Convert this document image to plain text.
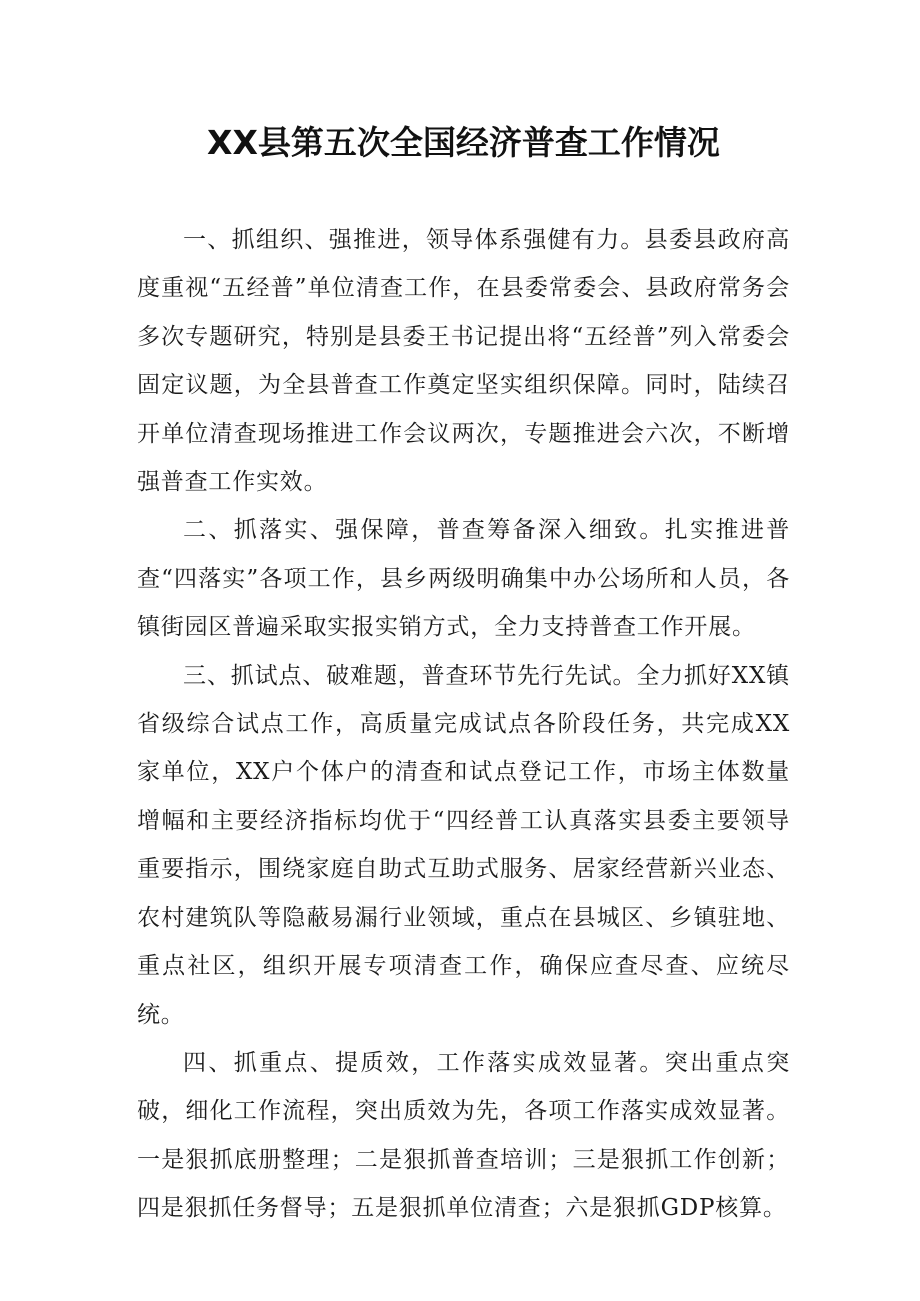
XX县第五次全国经济普查工作情况

一、抓组织、强推进，领导体系强健有力。县委县政府高度重视“五经普”单位清查工作，在县委常委会、县政府常务会多次专题研究，特别是县委王书记提出将“五经普”列入常委会固定议题，为全县普查工作奠定坚实组织保障。同时，陆续召开单位清查现场推进工作会议两次，专题推进会六次，不断增强普查工作实效。

二、抓落实、强保障，普查筹备深入细致。扎实推进普查“四落实”各项工作，县乡两级明确集中办公场所和人员，各镇街园区普遍采取实报实销方式，全力支持普查工作开展。

三、抓试点、破难题，普查环节先行先试。全力抓好XX镇省级综合试点工作，高质量完成试点各阶段任务，共完成XX家单位，XX户个体户的清查和试点登记工作，市场主体数量增幅和主要经济指标均优于“四经普工认真落实县委主要领导重要指示，围绕家庭自助式互助式服务、居家经营新兴业态、农村建筑队等隐蔽易漏行业领域，重点在县城区、乡镇驻地、重点社区，组织开展专项清查工作，确保应查尽查、应统尽统。

四、抓重点、提质效，工作落实成效显著。突出重点突破，细化工作流程，突出质效为先，各项工作落实成效显著。一是狠抓底册整理；二是狠抓普查培训；三是狠抓工作创新；四是狠抓任务督导；五是狠抓单位清查；六是狠抓GDP核算。
